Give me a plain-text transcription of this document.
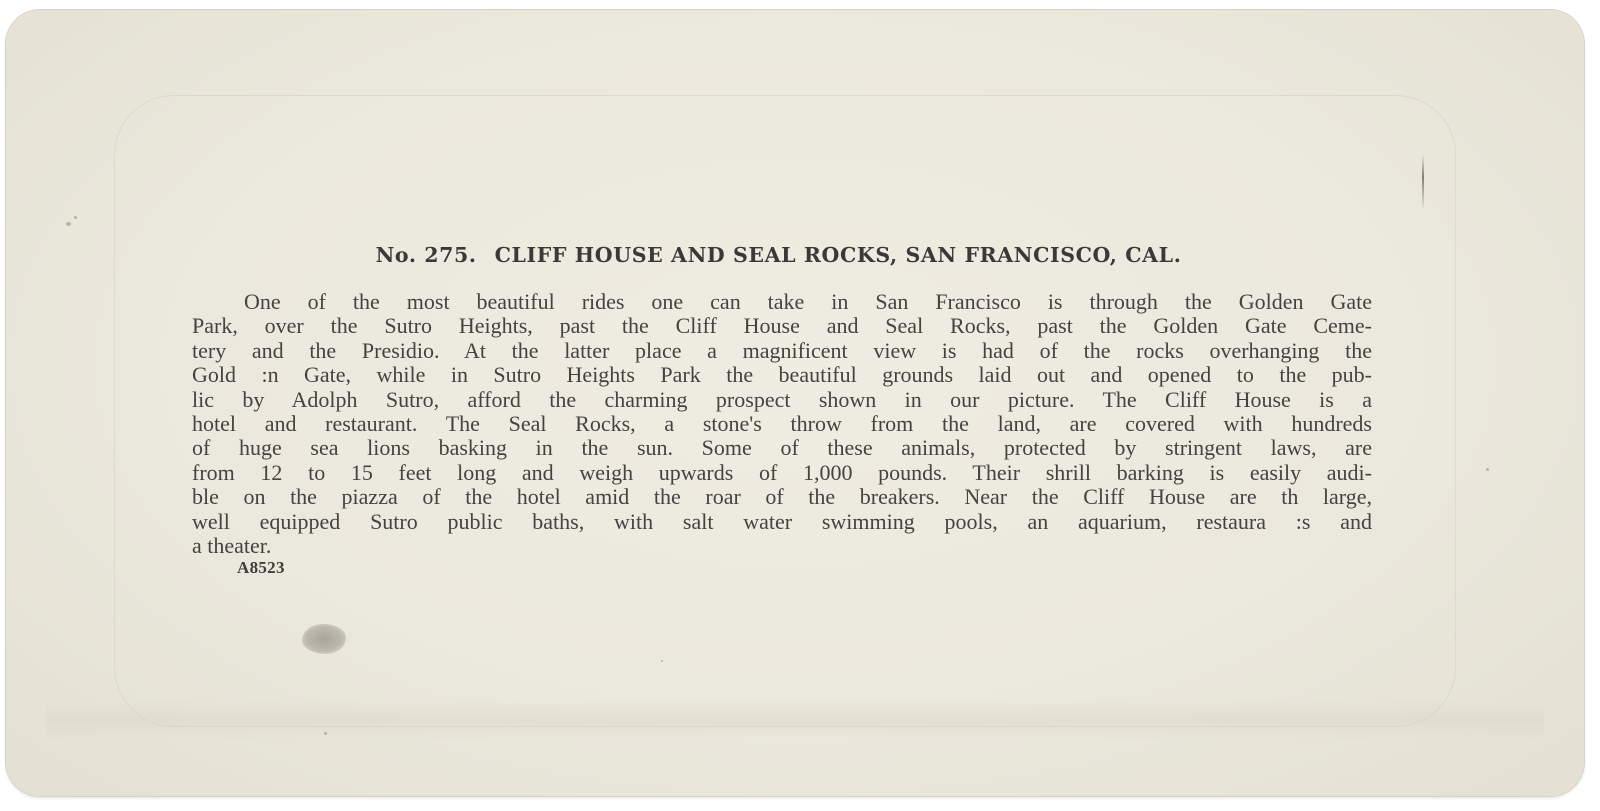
No. 275. CLIFF HOUSE AND SEAL ROCKS, SAN FRANCISCO, CAL.
One of the most beautiful rides one can take in San Francisco is through the Golden Gate
Park, over the Sutro Heights, past the Cliff House and Seal Rocks, past the Golden Gate Ceme-
tery and the Presidio. At the latter place a magnificent view is had of the rocks overhanging the
Gold :n Gate, while in Sutro Heights Park the beautiful grounds laid out and opened to the pub-
lic by Adolph Sutro, afford the charming prospect shown in our picture. The Cliff House is a
hotel and restaurant. The Seal Rocks, a stone's throw from the land, are covered with hundreds
of huge sea lions basking in the sun. Some of these animals, protected by stringent laws, are
from 12 to 15 feet long and weigh upwards of 1,000 pounds. Their shrill barking is easily audi-
ble on the piazza of the hotel amid the roar of the breakers. Near the Cliff House are th large,
well equipped Sutro public baths, with salt water swimming pools, an aquarium, restaura :s and
a theater.
A8523
